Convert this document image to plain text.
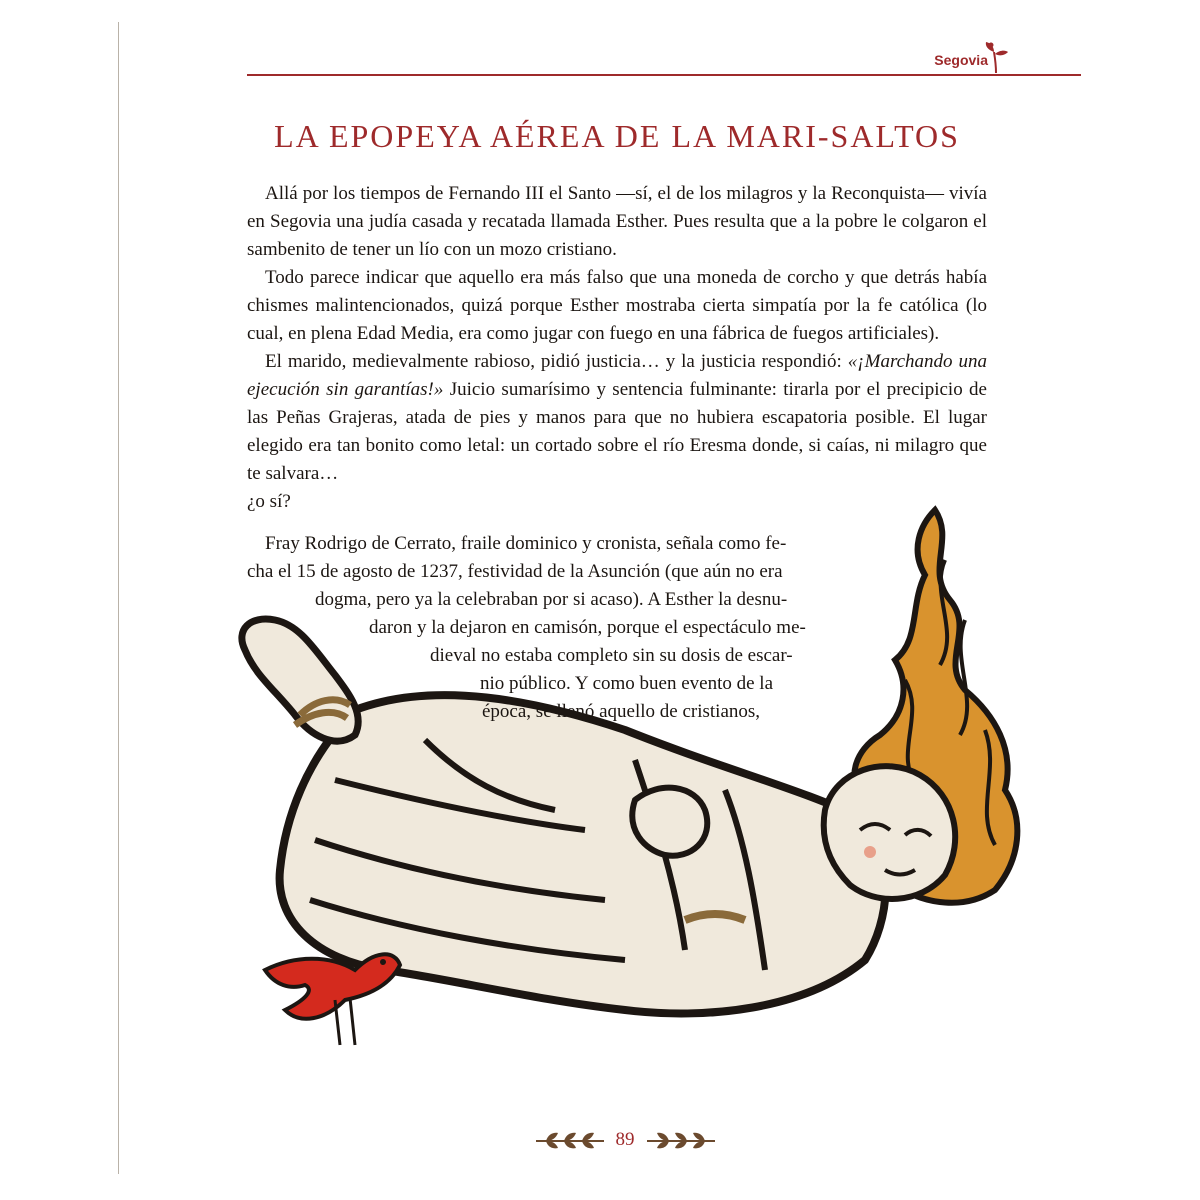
Segovia
LA EPOPEYA AÉREA DE LA MARI-SALTOS

Allá por los tiempos de Fernando III el Santo —sí, el de los milagros y la Reconquista— vivía en Segovia una judía casada y recatada llamada Esther. Pues resulta que a la pobre le colgaron el sambenito de tener un lío con un mozo cristiano.

Todo parece indicar que aquello era más falso que una moneda de corcho y que detrás había chismes malintencionados, quizá porque Esther mostraba cierta simpatía por la fe católica (lo cual, en plena Edad Media, era como jugar con fuego en una fábrica de fuegos artificiales).

El marido, medievalmente rabioso, pidió justicia… y la justicia respondió: «¡Marchando una ejecución sin garantías!» Juicio sumarísimo y sentencia fulminante: tirarla por el precipicio de las Peñas Grajeras, atada de pies y manos para que no hubiera escapatoria posible. El lugar elegido era tan bonito como letal: un cortado sobre el río Eresma donde, si caías, ni milagro que te salvara…

¿o sí?

Fray Rodrigo de Cerrato, fraile dominico y cronista, señala como fe-
cha el 15 de agosto de 1237, festividad de la Asunción (que aún no era
dogma, pero ya la celebraban por si acaso). A Esther la desnu-
daron y la dejaron en camisón, porque el espectáculo me-
dieval no estaba completo sin su dosis de escar-
nio público. Y como buen evento de la
época, se llenó aquello de cristianos,
89
